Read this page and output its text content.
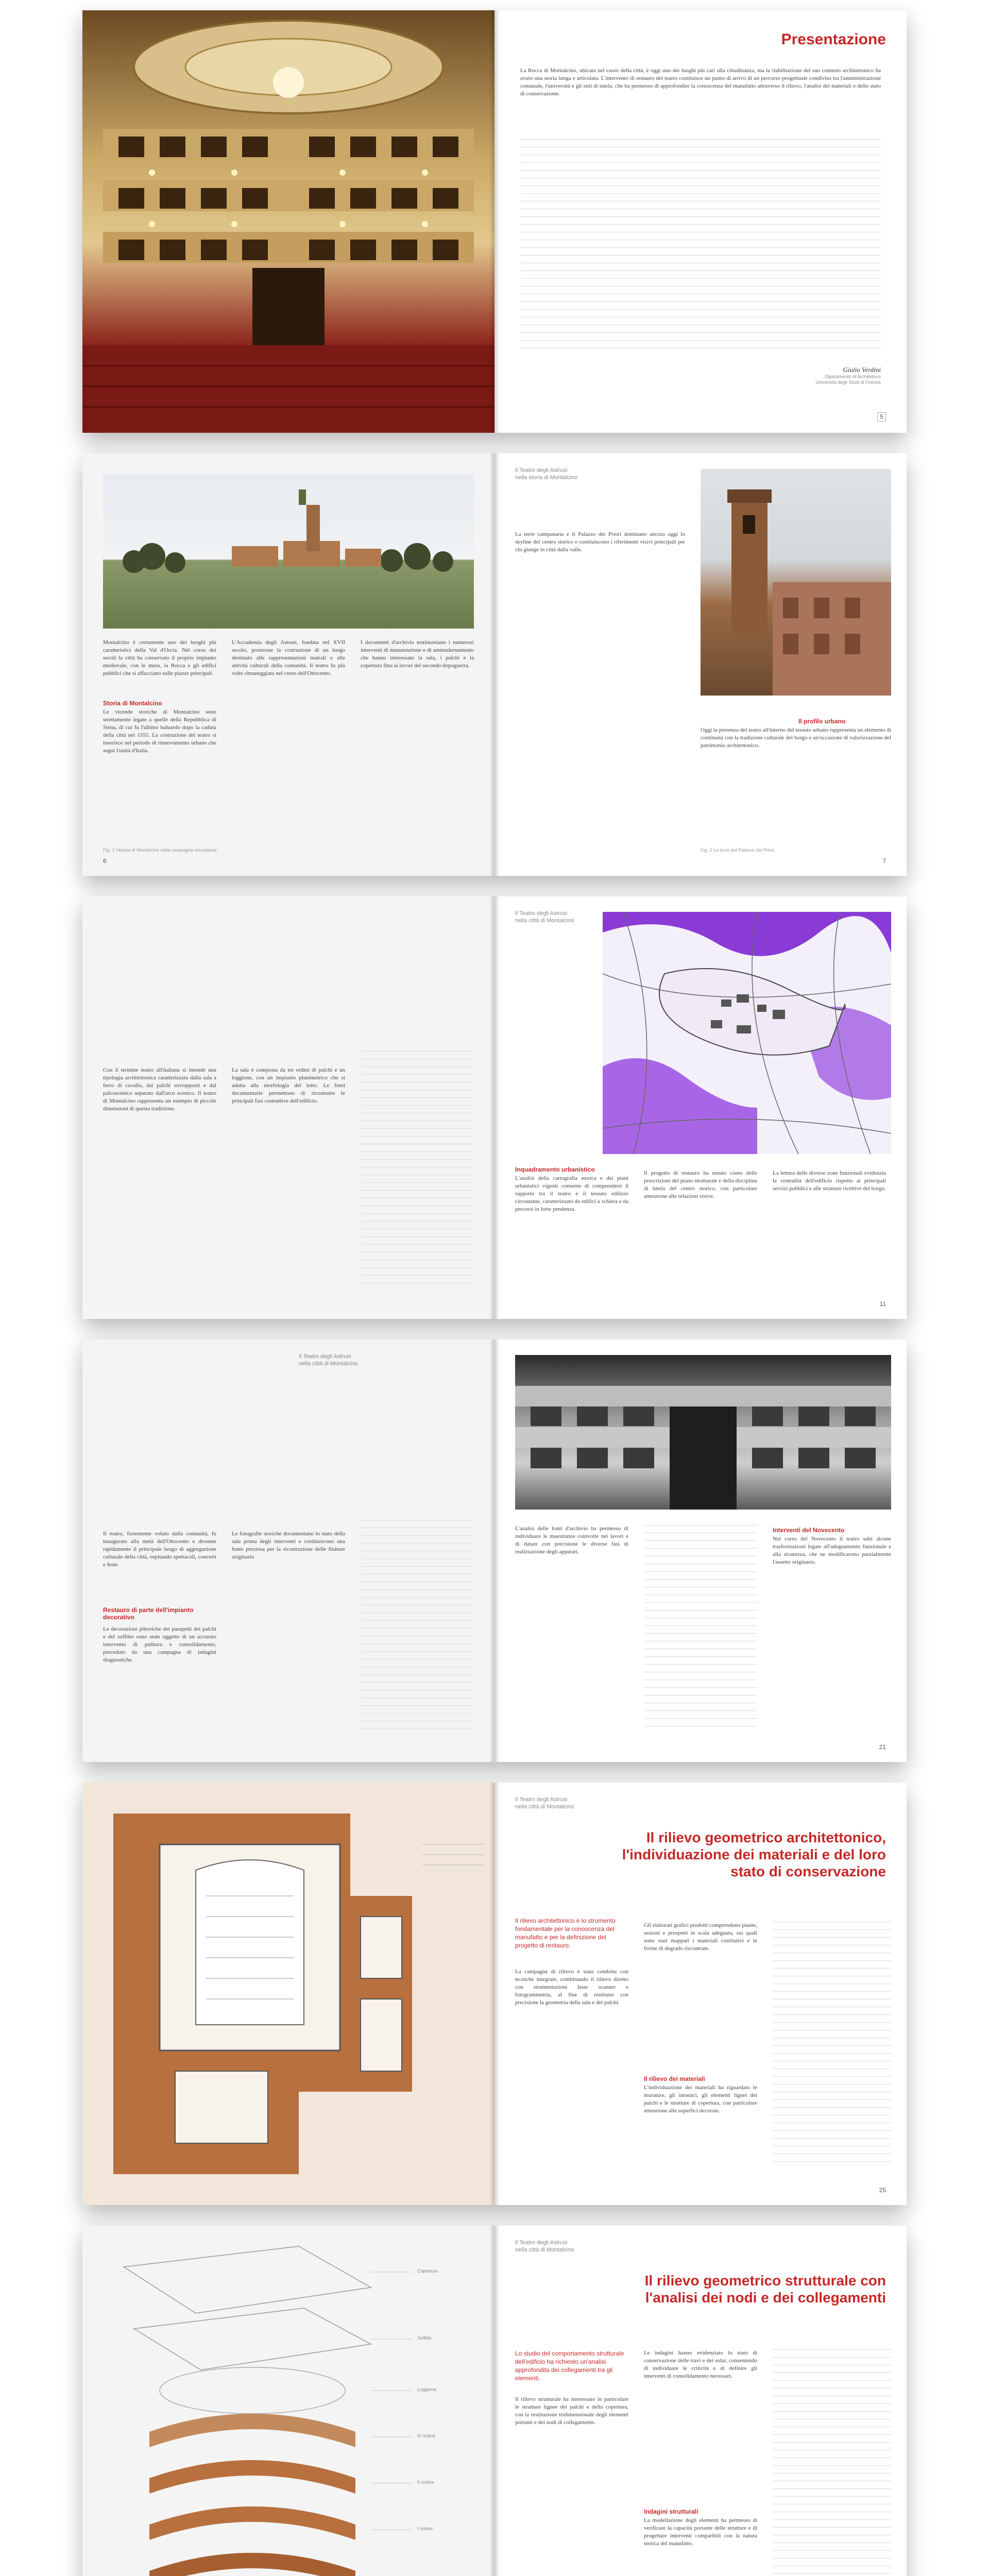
Presentazione
La Rocca di Montalcino, ubicata nel cuore della città, è oggi uno dei luoghi più cari alla cittadinanza, ma la riabilitazione del suo contesto architettonico ha avuto una storia lunga e articolata. L'intervento di restauro del teatro costituisce un punto di arrivo di un percorso progettuale condiviso tra l'amministrazione comunale, l'università e gli enti di tutela, che ha permesso di approfondire la conoscenza del manufatto attraverso il rilievo, l'analisi dei materiali e dello stato di conservazione.
Giulio Verdini
Dipartimento di Architettura
Università degli Studi di Firenze
5
Montalcino è certamente uno dei borghi più caratteristici della Val d'Orcia. Nel corso dei secoli la città ha conservato il proprio impianto medievale, con le mura, la Rocca e gli edifici pubblici che si affacciano sulle piazze principali.
Storia di Montalcino
Le vicende storiche di Montalcino sono strettamente legate a quelle della Repubblica di Siena, di cui fu l'ultimo baluardo dopo la caduta della città nel 1555. La costruzione del teatro si inserisce nel periodo di rinnovamento urbano che seguì l'unità d'Italia.
L'Accademia degli Astrusi, fondata nel XVII secolo, promosse la costruzione di un luogo destinato alle rappresentazioni teatrali e alle attività culturali della comunità. Il teatro fu più volte rimaneggiato nel corso dell'Ottocento.
I documenti d'archivio testimoniano i numerosi interventi di manutenzione e di ammodernamento che hanno interessato la sala, i palchi e la copertura fino ai lavori del secondo dopoguerra.
Fig. 1 Veduta di Montalcino dalla campagna circostante.
6
Il Teatro degli Astrusi
nella storia di Montalcino
La torre campanaria e il Palazzo dei Priori dominano ancora oggi lo skyline del centro storico e costituiscono i riferimenti visivi principali per chi giunge in città dalla valle.
Il profilo urbano
Oggi la presenza del teatro all'interno del tessuto urbano rappresenta un elemento di continuità con la tradizione culturale del borgo e un'occasione di valorizzazione del patrimonio architettonico.
Fig. 2 La torre del Palazzo dei Priori.
7
Con il termine teatro all'italiana si intende una tipologia architettonica caratterizzata dalla sala a ferro di cavallo, dai palchi sovrapposti e dal palcoscenico separato dall'arco scenico. Il teatro di Montalcino rappresenta un esempio di piccole dimensioni di questa tradizione.
La sala è composta da tre ordini di palchi e un loggione, con un impianto planimetrico che si adatta alla morfologia del lotto. Le fonti documentarie permettono di ricostruire le principali fasi costruttive dell'edificio.
Il Teatro degli Astrusi
nella città di Montalcino
Inquadramento urbanistico
L'analisi della cartografia storica e dei piani urbanistici vigenti consente di comprendere il rapporto tra il teatro e il tessuto edilizio circostante, caratterizzato da edifici a schiera e da percorsi in forte pendenza.
Il progetto di restauro ha tenuto conto delle prescrizioni del piano strutturale e della disciplina di tutela del centro storico, con particolare attenzione alle relazioni visive.
La lettura delle diverse zone funzionali evidenzia la centralità dell'edificio rispetto ai principali servizi pubblici e alle strutture ricettive del borgo.
11
Il Teatro degli Astrusi
nella città di Montalcino
Il teatro, fortemente voluto dalla comunità, fu inaugurato alla metà dell'Ottocento e divenne rapidamente il principale luogo di aggregazione culturale della città, ospitando spettacoli, concerti e feste.
Restauro di parte dell'impianto decorativo
Le decorazioni pittoriche dei parapetti dei palchi e del soffitto sono state oggetto di un accurato intervento di pulitura e consolidamento, preceduto da una campagna di indagini diagnostiche.
Le fotografie storiche documentano lo stato della sala prima degli interventi e costituiscono una fonte preziosa per la ricostruzione delle finiture originarie.
L'analisi delle fonti d'archivio ha permesso di individuare le maestranze coinvolte nei lavori e di datare con precisione le diverse fasi di realizzazione degli apparati.
Interventi del Novecento
Nel corso del Novecento il teatro subì alcune trasformazioni legate all'adeguamento funzionale e alla sicurezza, che ne modificarono parzialmente l'assetto originario.
21
Il Teatro degli Astrusi
nella città di Montalcino
Il rilievo geometrico architettonico, l'individuazione dei materiali e del loro stato di conservazione
Il rilievo architettonico è lo strumento fondamentale per la conoscenza del manufatto e per la definizione del progetto di restauro.
La campagna di rilievo è stata condotta con tecniche integrate, combinando il rilievo diretto con strumentazioni laser scanner e fotogrammetria, al fine di restituire con precisione la geometria della sala e dei palchi.
Gli elaborati grafici prodotti comprendono piante, sezioni e prospetti in scala adeguata, sui quali sono stati mappati i materiali costitutivi e le forme di degrado riscontrate.
Il rilievo dei materiali
L'individuazione dei materiali ha riguardato le murature, gli intonaci, gli elementi lignei dei palchi e le strutture di copertura, con particolare attenzione alle superfici decorate.
25
Copertura
Soffitto
Loggione
III ordine
II ordine
I ordine
Il Teatro degli Astrusi
nella città di Montalcino
Il rilievo geometrico strutturale con l'analisi dei nodi e dei collegamenti
Lo studio del comportamento strutturale dell'edificio ha richiesto un'analisi approfondita dei collegamenti tra gli elementi.
Il rilievo strutturale ha interessato in particolare le strutture lignee dei palchi e della copertura, con la restituzione tridimensionale degli elementi portanti e dei nodi di collegamento.
Le indagini hanno evidenziato lo stato di conservazione delle travi e dei solai, consentendo di individuare le criticità e di definire gli interventi di consolidamento necessari.
Indagini strutturali
La modellazione degli elementi ha permesso di verificare la capacità portante delle strutture e di progettare interventi compatibili con la natura storica del manufatto.
